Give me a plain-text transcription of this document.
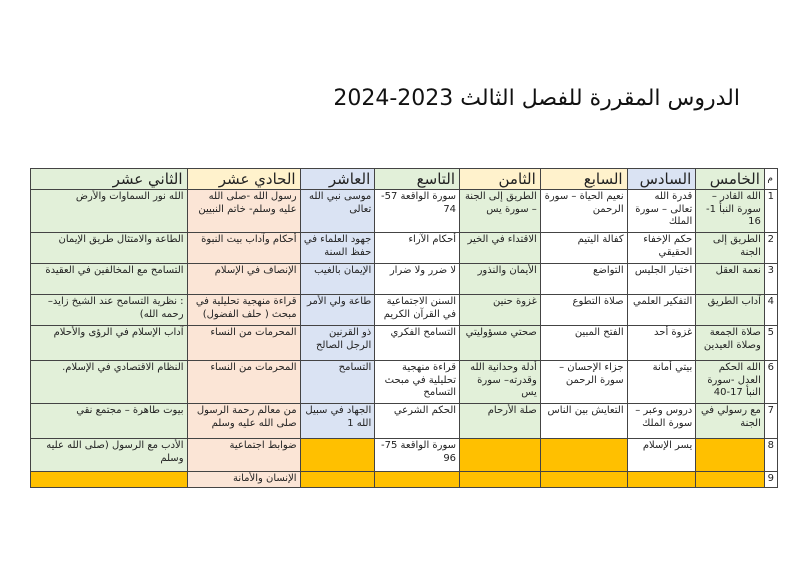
الدروس المقررة للفصل الثالث 2023-2024
م	الخامس	السادس	السابع	الثامن	التاسع	العاشر	الحادي عشر	الثاني عشر
1	الله القادر – سورة النبأ 1-16	قدرة الله تعالى – سورة الملك	نعيم الحياة – سورة الرحمن	الطريق إلى الجنة – سورة يس	سورة الواقعة 57-74	موسى نبي الله تعالى	رسول الله -صلى الله عليه وسلم- خاتم النبيين	الله نور السماوات والأرض
2	الطريق إلى الجنة	حكم الإخفاء الحقيقي	كفالة اليتيم	الاقتداء في الخير	أحكام الآراء	جهود العلماء في حفظ السنة	أحكام وآداب بيت النبوة	الطاعة والامتثال طريق الإيمان
3	نعمة العقل	اختيار الجليس	التواضع	الأيمان والنذور	لا ضرر ولا ضرار	الإيمان بالغيب	الإنصاف في الإسلام	التسامح مع المخالفين في العقيدة
4	آداب الطريق	التفكير العلمي	صلاة التطوع	غزوة حنين	السنن الاجتماعية في القرآن الكريم	طاعة ولي الأمر	قراءة منهجية تحليلية في مبحث ( حلف الفضول)	: نظرية التسامح عند الشيخ زايد– رحمه الله)
5	صلاة الجمعة وصلاة العيدين	غزوة أحد	الفتح المبين	صحتي مسؤوليتي	التسامح الفكري	ذو القرنين الرجل الصالح	المحرمات من النساء	آداب الإسلام في الرؤى والأحلام
6	الله الحكم العدل -سورة النبأ 17-40	بيتي أمانة	جزاء الإحسان – سورة الرحمن	أدلة وحدانية الله وقدرته– سورة يس	قراءة منهجية تحليلية في مبحث التسامح	التسامح	المحرمات من النساء	النظام الاقتصادي في الإسلام.
7	مع رسولي في الجنة	دروس وعبر – سورة الملك	التعايش بين الناس	صلة الأرحام	الحكم الشرعي	الجهاد في سبيل الله 1	من معالم رحمة الرسول صلى الله عليه وسلم	بيوت طاهرة – مجتمع نقي
8		يسر الإسلام			سورة الواقعة 75-96		ضوابط اجتماعية	الأدب مع الرسول (صلى الله عليه وسلم
9							الإنسان والأمانة	
